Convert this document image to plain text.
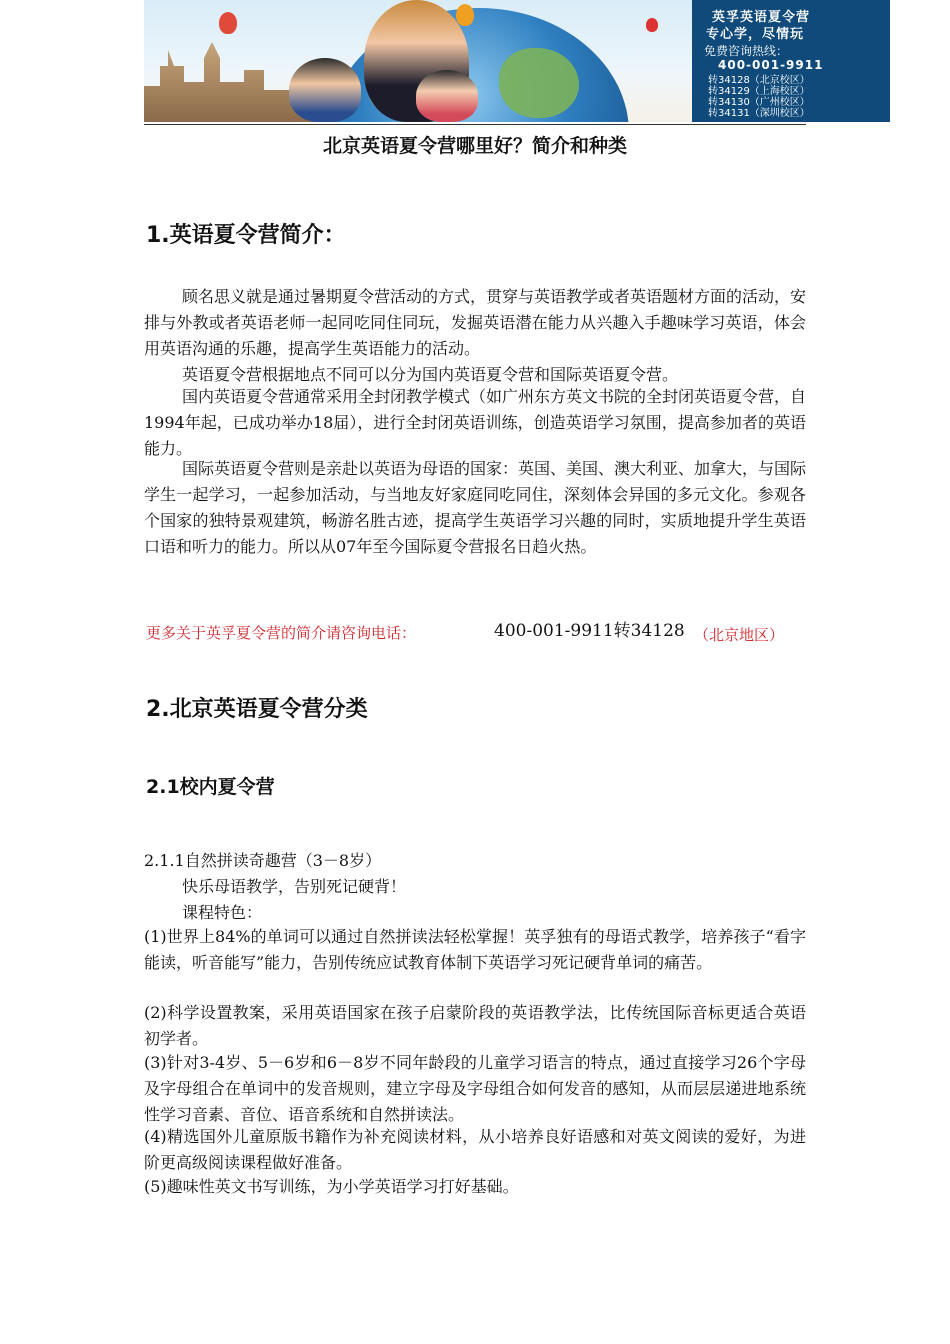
英孚英语夏令营
专心学，尽情玩
免费咨询热线：
400-001-9911
转34128（北京校区）
转34129（上海校区）
转34130（广州校区）
转34131（深圳校区）
北京英语夏令营哪里好？简介和种类
1.英语夏令营简介：
顾名思义就是通过暑期夏令营活动的方式，贯穿与英语教学或者英语题材方面的活动，安排与外教或者英语老师一起同吃同住同玩，发掘英语潜在能力从兴趣入手趣味学习英语，体会用英语沟通的乐趣，提高学生英语能力的活动。
英语夏令营根据地点不同可以分为国内英语夏令营和国际英语夏令营。
国内英语夏令营通常采用全封闭教学模式（如广州东方英文书院的全封闭英语夏令营，自1994年起，已成功举办18届），进行全封闭英语训练，创造英语学习氛围，提高参加者的英语能力。
国际英语夏令营则是亲赴以英语为母语的国家：英国、美国、澳大利亚、加拿大，与国际学生一起学习，一起参加活动，与当地友好家庭同吃同住，深刻体会异国的多元文化。参观各个国家的独特景观建筑，畅游名胜古迹，提高学生英语学习兴趣的同时，实质地提升学生英语口语和听力的能力。所以从07年至今国际夏令营报名日趋火热。
更多关于英孚夏令营的简介请咨询电话：	400-001-9911转34128 （北京地区）
2.北京英语夏令营分类
2.1校内夏令营
2.1.1自然拼读奇趣营（3－8岁）
快乐母语教学，告别死记硬背！
课程特色：
(1)世界上84%的单词可以通过自然拼读法轻松掌握！英孚独有的母语式教学，培养孩子“看字能读，听音能写”能力，告别传统应试教育体制下英语学习死记硬背单词的痛苦。
(2)科学设置教案，采用英语国家在孩子启蒙阶段的英语教学法，比传统国际音标更适合英语初学者。
(3)针对3-4岁、5－6岁和6－8岁不同年龄段的儿童学习语言的特点，通过直接学习26个字母及字母组合在单词中的发音规则，建立字母及字母组合如何发音的感知，从而层层递进地系统性学习音素、音位、语音系统和自然拼读法。
(4)精选国外儿童原版书籍作为补充阅读材料，从小培养良好语感和对英文阅读的爱好，为进阶更高级阅读课程做好准备。
(5)趣味性英文书写训练，为小学英语学习打好基础。
